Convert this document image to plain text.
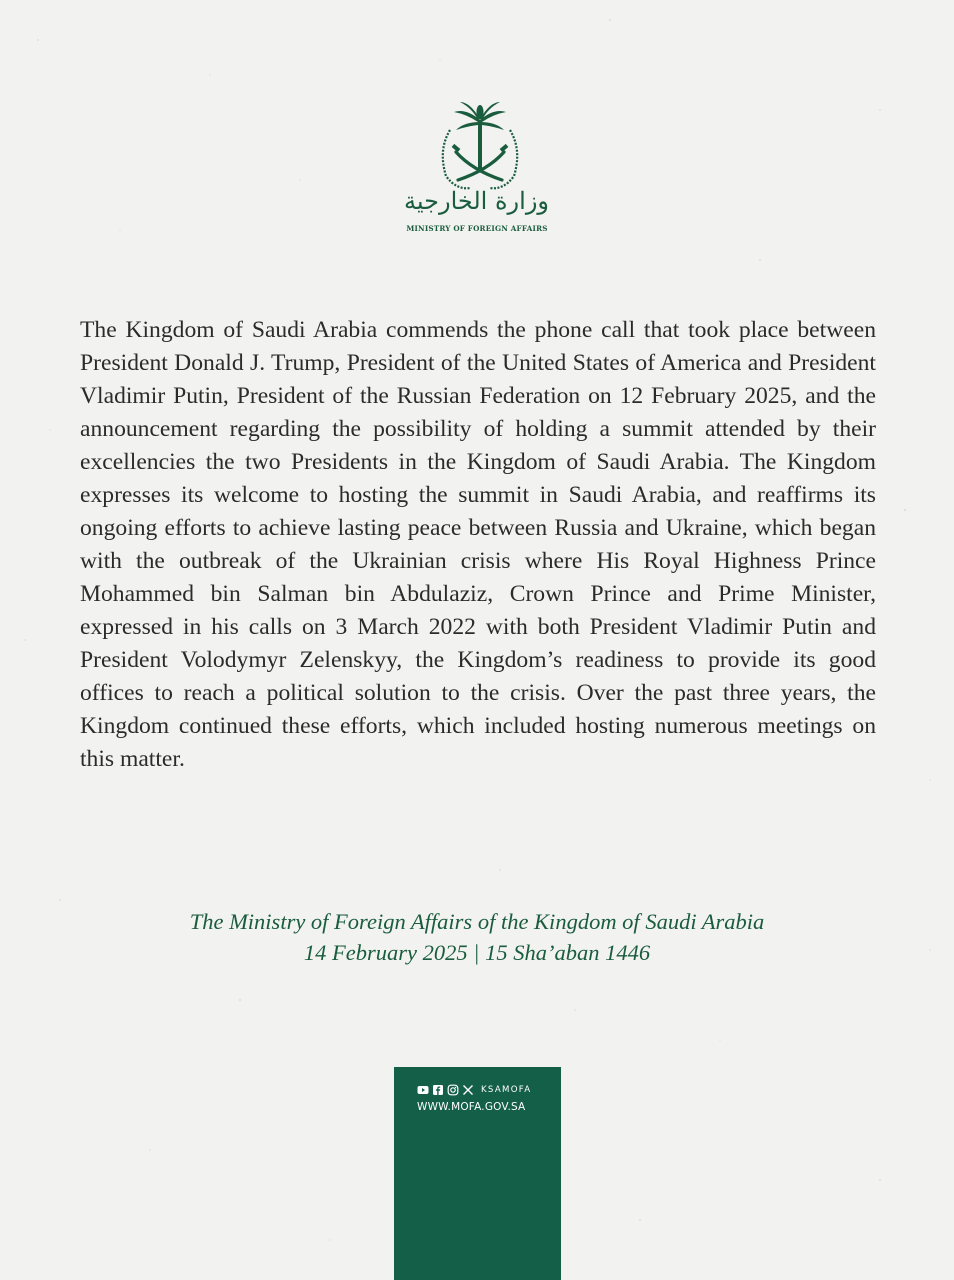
وزارة الخارجية
MINISTRY OF FOREIGN AFFAIRS

The Kingdom of Saudi Arabia commends the phone call that took place between President Donald J. Trump, President of the United States of America and President Vladimir Putin, President of the Russian Federation on 12 February 2025, and the announcement regarding the possibility of holding a summit attended by their excellencies the two Presidents in the Kingdom of Saudi Arabia. The Kingdom expresses its welcome to hosting the summit in Saudi Arabia, and reaffirms its ongoing efforts to achieve lasting peace between Russia and Ukraine, which began with the outbreak of the Ukrainian crisis where His Royal Highness Prince Mohammed bin Salman bin Abdulaziz, Crown Prince and Prime Minister, expressed in his calls on 3 March 2022 with both President Vladimir Putin and President Volodymyr Zelenskyy, the Kingdom’s readiness to provide its good offices to reach a political solution to the crisis. Over the past three years, the Kingdom continued these efforts, which included hosting numerous meetings on this matter.

The Ministry of Foreign Affairs of the Kingdom of Saudi Arabia
14 February 2025 | 15 Sha’aban 1446
KSAMOFA
WWW.MOFA.GOV.SA
